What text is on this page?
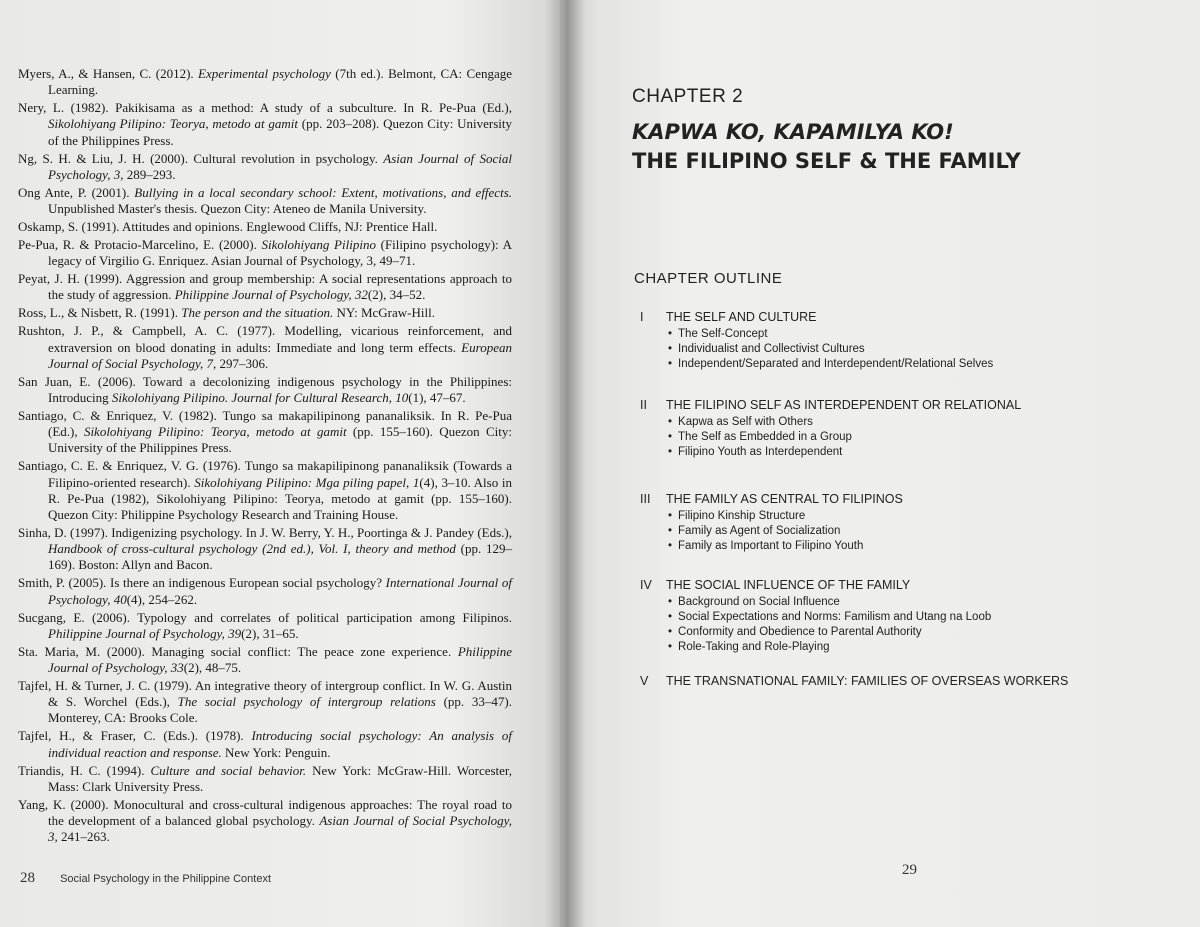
Myers, A., & Hansen, C. (2012). Experimental psychology (7th ed.). Belmont, CA: Cengage Learning.

Nery, L. (1982). Pakikisama as a method: A study of a subculture. In R. Pe-Pua (Ed.), Sikolohiyang Pilipino: Teorya, metodo at gamit (pp. 203–208). Quezon City: University of the Philippines Press.

Ng, S. H. & Liu, J. H. (2000). Cultural revolution in psychology. Asian Journal of Social Psychology, 3, 289–293.

Ong Ante, P. (2001). Bullying in a local secondary school: Extent, motivations, and effects. Unpublished Master's thesis. Quezon City: Ateneo de Manila University.

Oskamp, S. (1991). Attitudes and opinions. Englewood Cliffs, NJ: Prentice Hall.

Pe-Pua, R. & Protacio-Marcelino, E. (2000). Sikolohiyang Pilipino (Filipino psychology): A legacy of Virgilio G. Enriquez. Asian Journal of Psychology, 3, 49–71.

Peyat, J. H. (1999). Aggression and group membership: A social representations approach to the study of aggression. Philippine Journal of Psychology, 32(2), 34–52.

Ross, L., & Nisbett, R. (1991). The person and the situation. NY: McGraw-Hill.

Rushton, J. P., & Campbell, A. C. (1977). Modelling, vicarious reinforcement, and extraversion on blood donating in adults: Immediate and long term effects. European Journal of Social Psychology, 7, 297–306.

San Juan, E. (2006). Toward a decolonizing indigenous psychology in the Philippines: Introducing Sikolohiyang Pilipino. Journal for Cultural Research, 10(1), 47–67.

Santiago, C. & Enriquez, V. (1982). Tungo sa makapilipinong pananaliksik. In R. Pe-Pua (Ed.), Sikolohiyang Pilipino: Teorya, metodo at gamit (pp. 155–160). Quezon City: University of the Philippines Press.

Santiago, C. E. & Enriquez, V. G. (1976). Tungo sa makapilipinong pananaliksik (Towards a Filipino-oriented research). Sikolohiyang Pilipino: Mga piling papel, 1(4), 3–10. Also in R. Pe-Pua (1982), Sikolohiyang Pilipino: Teorya, metodo at gamit (pp. 155–160). Quezon City: Philippine Psychology Research and Training House.

Sinha, D. (1997). Indigenizing psychology. In J. W. Berry, Y. H., Poortinga & J. Pandey (Eds.), Handbook of cross-cultural psychology (2nd ed.), Vol. I, theory and method (pp. 129–169). Boston: Allyn and Bacon.

Smith, P. (2005). Is there an indigenous European social psychology? International Journal of Psychology, 40(4), 254–262.

Sucgang, E. (2006). Typology and correlates of political participation among Filipinos. Philippine Journal of Psychology, 39(2), 31–65.

Sta. Maria, M. (2000). Managing social conflict: The peace zone experience. Philippine Journal of Psychology, 33(2), 48–75.

Tajfel, H. & Turner, J. C. (1979). An integrative theory of intergroup conflict. In W. G. Austin & S. Worchel (Eds.), The social psychology of intergroup relations (pp. 33–47). Monterey, CA: Brooks Cole.

Tajfel, H., & Fraser, C. (Eds.). (1978). Introducing social psychology: An analysis of individual reaction and response. New York: Penguin.

Triandis, H. C. (1994). Culture and social behavior. New York: McGraw-Hill. Worcester, Mass: Clark University Press.

Yang, K. (2000). Monocultural and cross-cultural indigenous approaches: The royal road to the development of a balanced global psychology. Asian Journal of Social Psychology, 3, 241–263.

28 Social Psychology in the Philippine Context
CHAPTER 2
KAPWA KO, KAPAMILYA KO!
THE FILIPINO SELF & THE FAMILY
CHAPTER OUTLINE
I THE SELF AND CULTURE
• The Self-Concept
• Individualist and Collectivist Cultures
• Independent/Separated and Interdependent/Relational Selves
II THE FILIPINO SELF AS INTERDEPENDENT OR RELATIONAL
• Kapwa as Self with Others
• The Self as Embedded in a Group
• Filipino Youth as Interdependent
III THE FAMILY AS CENTRAL TO FILIPINOS
• Filipino Kinship Structure
• Family as Agent of Socialization
• Family as Important to Filipino Youth
IV THE SOCIAL INFLUENCE OF THE FAMILY
• Background on Social Influence
• Social Expectations and Norms: Familism and Utang na Loob
• Conformity and Obedience to Parental Authority
• Role-Taking and Role-Playing
V THE TRANSNATIONAL FAMILY: FAMILIES OF OVERSEAS WORKERS
29
